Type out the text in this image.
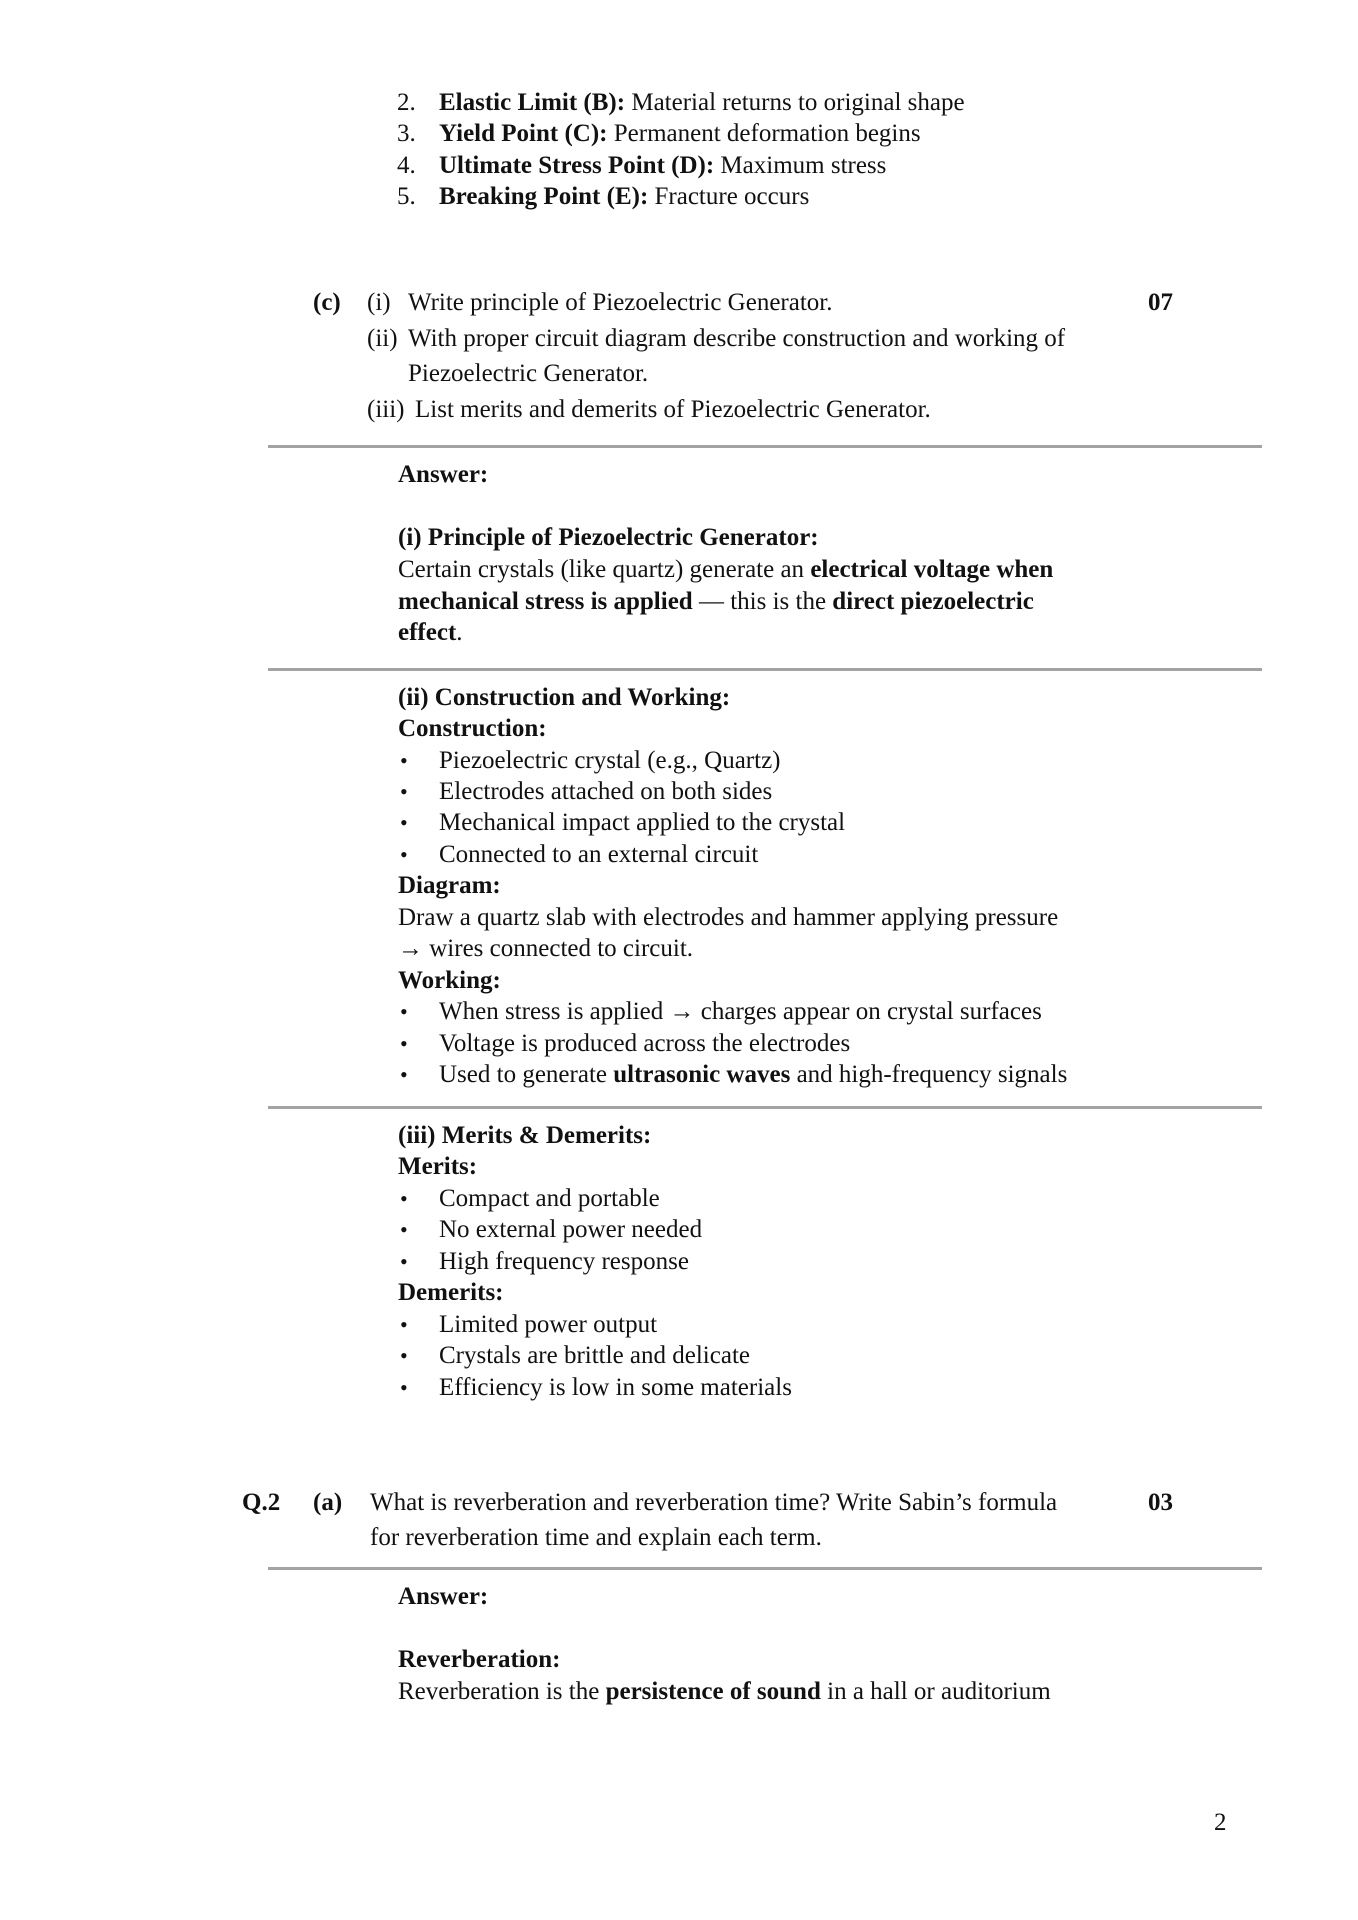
2. Elastic Limit (B): Material returns to original shape
3. Yield Point (C): Permanent deformation begins
4. Ultimate Stress Point (D): Maximum stress
5. Breaking Point (E): Fracture occurs
(c)	07
(i) Write principle of Piezoelectric Generator.
(ii) With proper circuit diagram describe construction and working of
Piezoelectric Generator.
(iii) List merits and demerits of Piezoelectric Generator.
Answer:
(i) Principle of Piezoelectric Generator:
Certain crystals (like quartz) generate an electrical voltage when
mechanical stress is applied — this is the direct piezoelectric
effect.
(ii) Construction and Working:
Construction:
• Piezoelectric crystal (e.g., Quartz)
• Electrodes attached on both sides
• Mechanical impact applied to the crystal
• Connected to an external circuit
Diagram:
Draw a quartz slab with electrodes and hammer applying pressure
→ wires connected to circuit.
Working:
• When stress is applied → charges appear on crystal surfaces
• Voltage is produced across the electrodes
• Used to generate ultrasonic waves and high-frequency signals
(iii) Merits & Demerits:
Merits:
• Compact and portable
• No external power needed
• High frequency response
Demerits:
• Limited power output
• Crystals are brittle and delicate
• Efficiency is low in some materials
Q.2 (a) What is reverberation and reverberation time? Write Sabin’s formula
for reverberation time and explain each term.
03
Answer:
Reverberation:
Reverberation is the persistence of sound in a hall or auditorium
2
